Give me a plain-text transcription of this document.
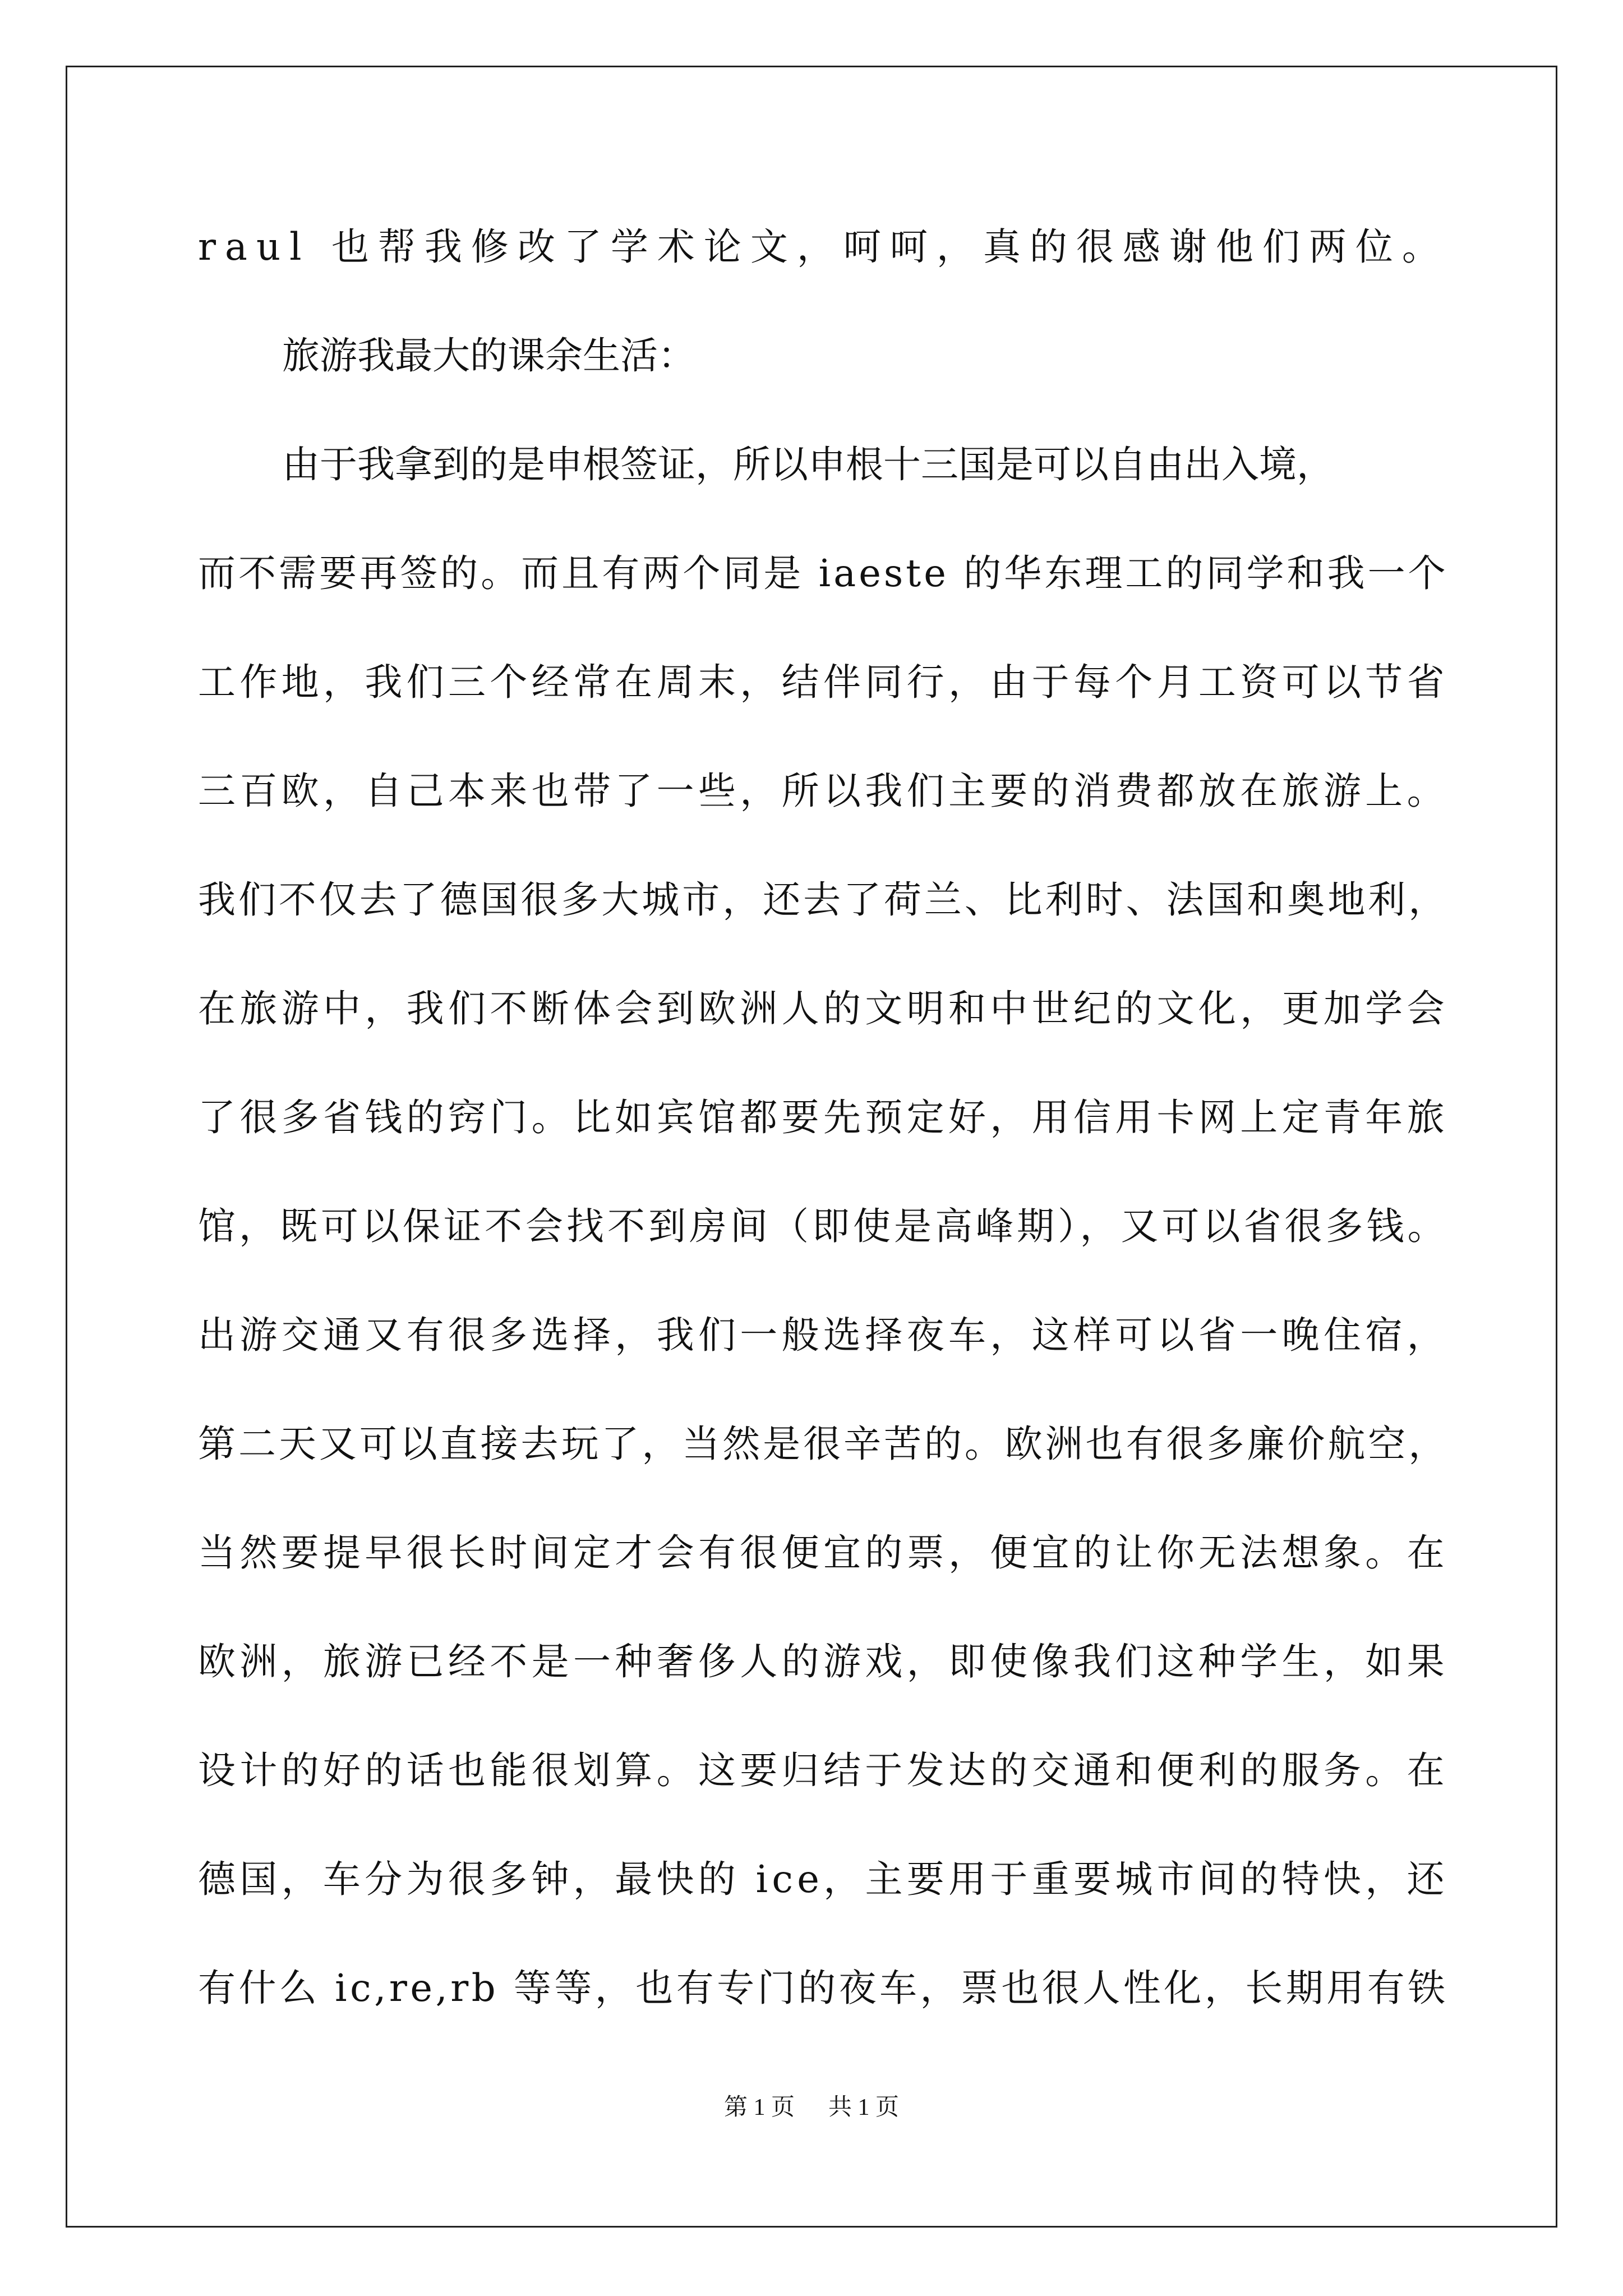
raul 也帮我修改了学术论文，呵呵，真的很感谢他们两位。
旅游我最大的课余生活：
由于我拿到的是申根签证，所以申根十三国是可以自由出入境，
而不需要再签的。而且有两个同是 iaeste 的华东理工的同学和我一个
工作地，我们三个经常在周末，结伴同行，由于每个月工资可以节省
三百欧，自己本来也带了一些，所以我们主要的消费都放在旅游上。
我们不仅去了德国很多大城市，还去了荷兰、比利时、法国和奥地利，
在旅游中，我们不断体会到欧洲人的文明和中世纪的文化，更加学会
了很多省钱的窍门。比如宾馆都要先预定好，用信用卡网上定青年旅
馆，既可以保证不会找不到房间（即使是高峰期），又可以省很多钱。
出游交通又有很多选择，我们一般选择夜车，这样可以省一晚住宿，
第二天又可以直接去玩了，当然是很辛苦的。欧洲也有很多廉价航空，
当然要提早很长时间定才会有很便宜的票，便宜的让你无法想象。在
欧洲，旅游已经不是一种奢侈人的游戏，即使像我们这种学生，如果
设计的好的话也能很划算。这要归结于发达的交通和便利的服务。在
德国，车分为很多钟，最快的 ice，主要用于重要城市间的特快，还
有什么 ic,re,rb 等等，也有专门的夜车，票也很人性化，长期用有铁
第 1 页 共 1 页
